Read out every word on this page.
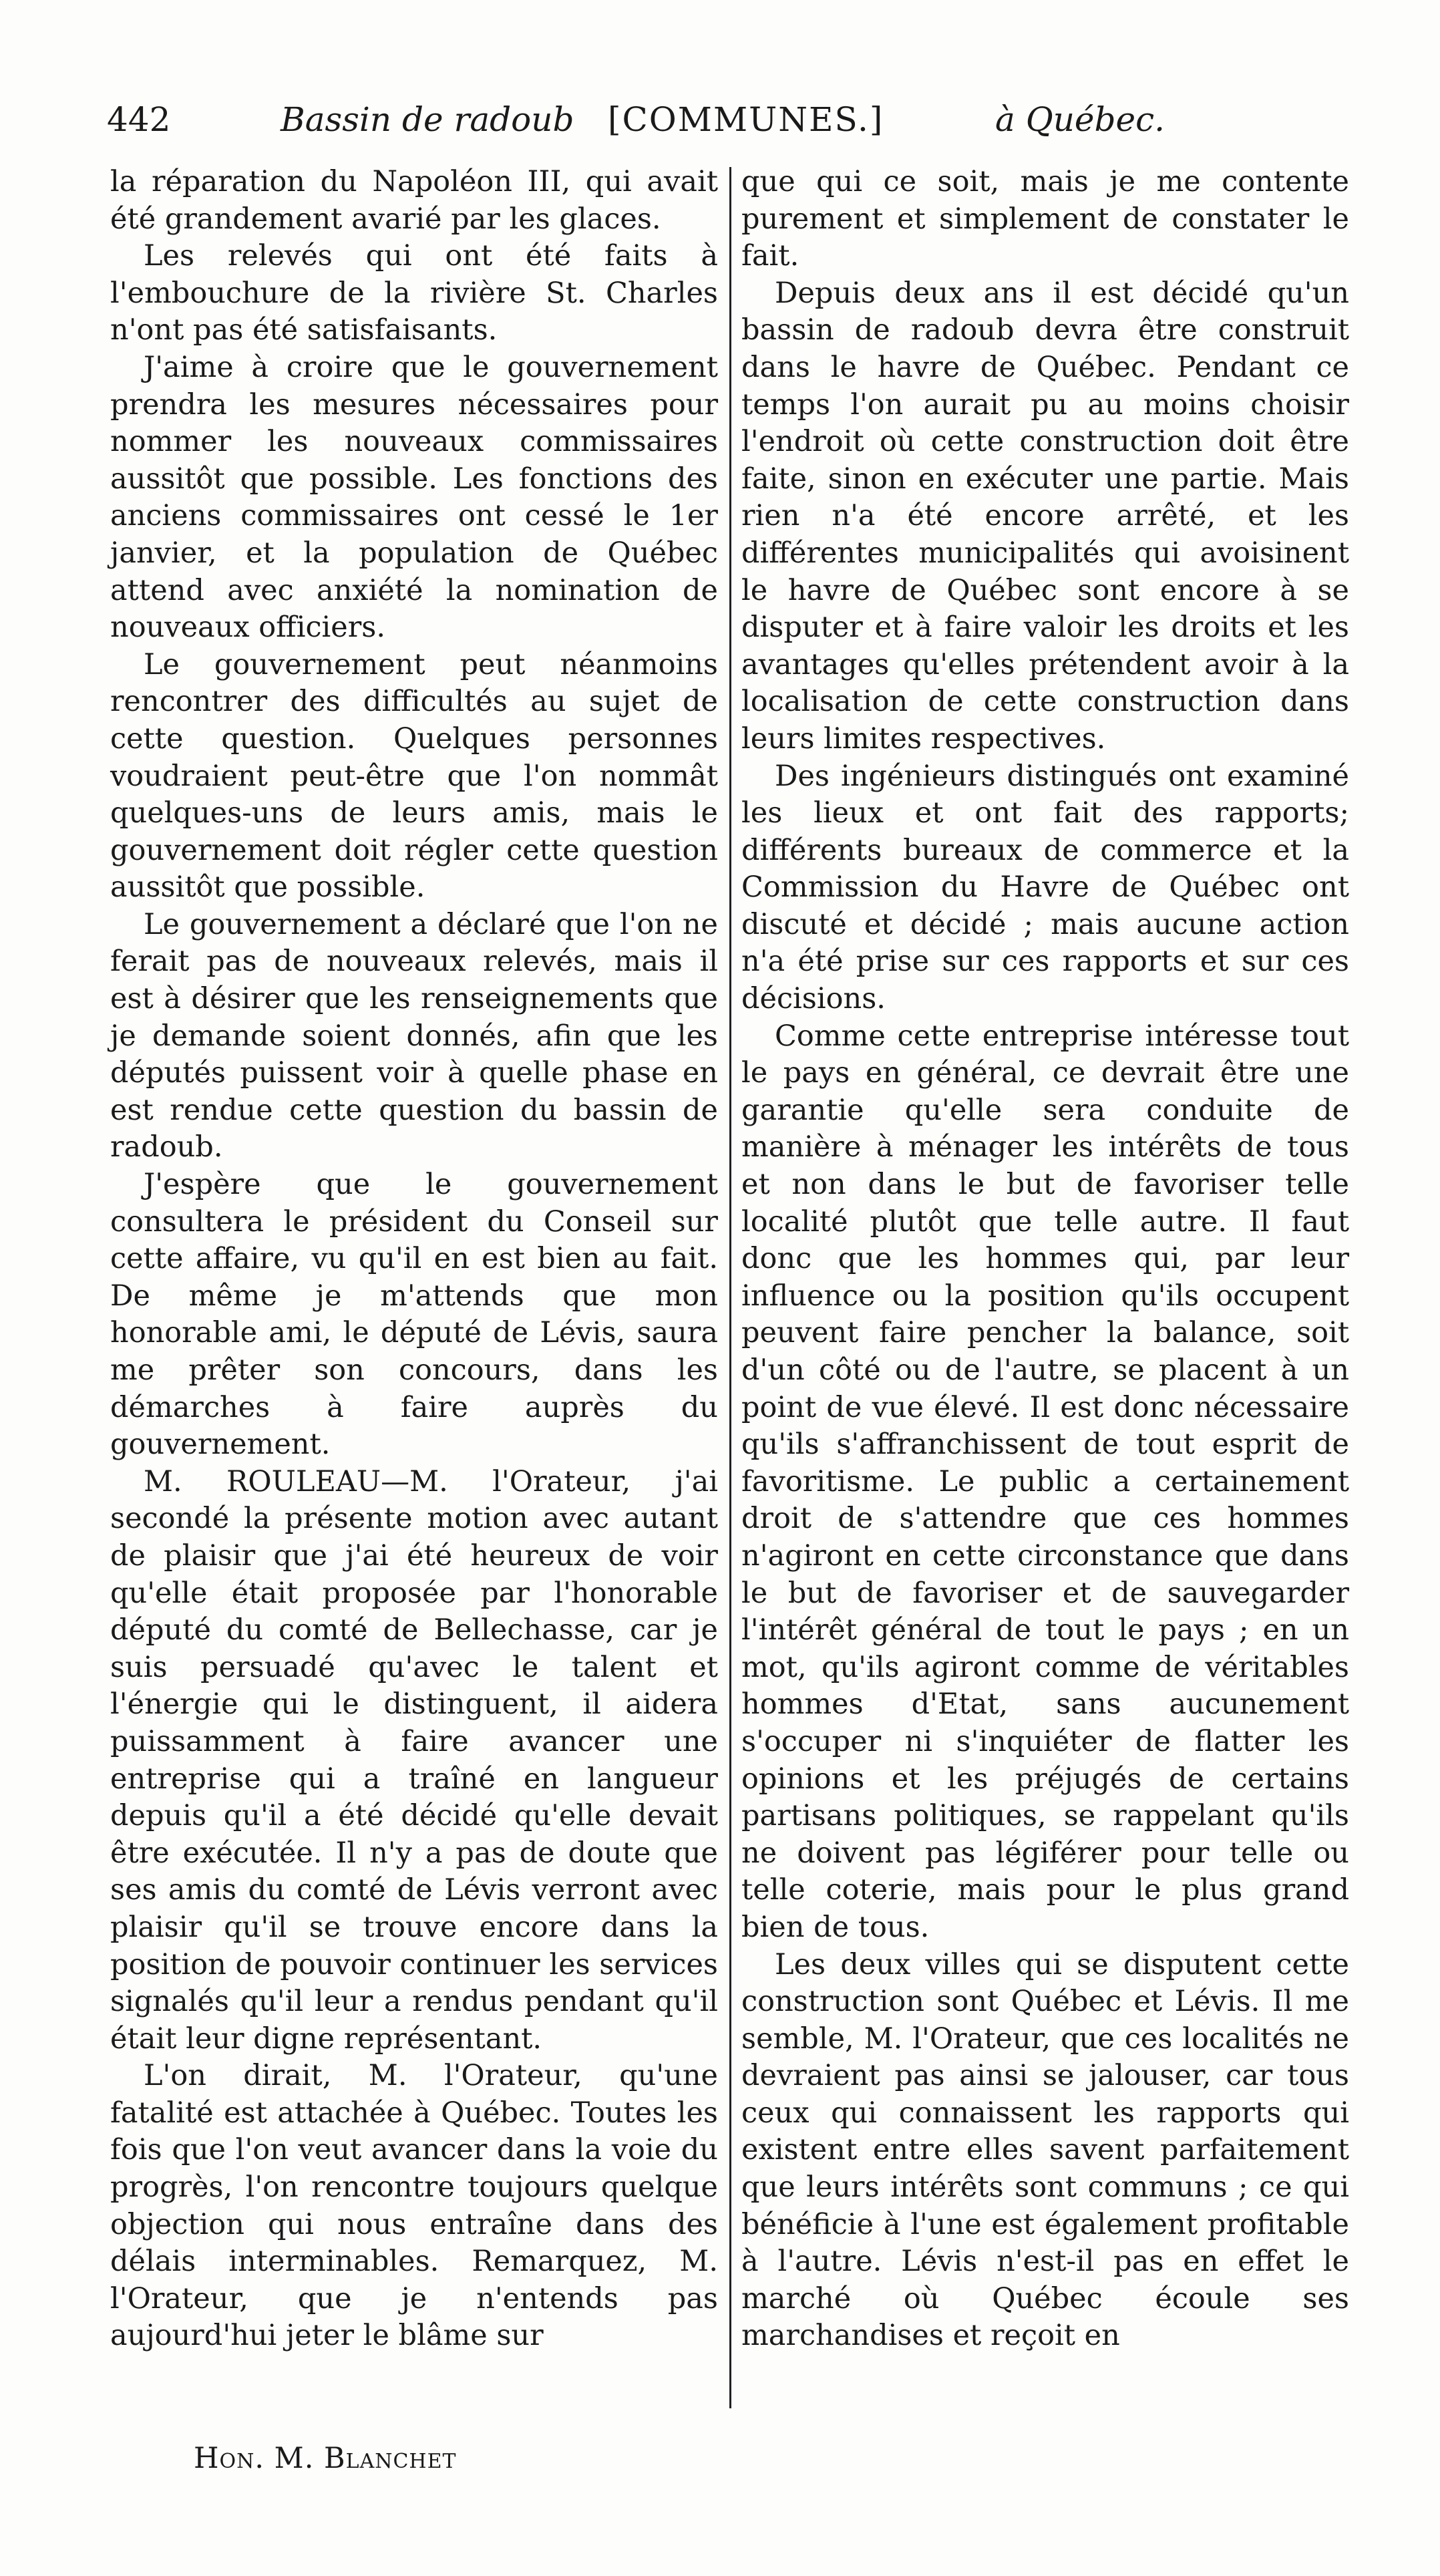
442	Bassin de radoub [COMMUNES.]	à Québec.

la réparation du Napoléon III, qui avait été grandement avarié par les glaces.

Les relevés qui ont été faits à l'embouchure de la rivière St. Charles n'ont pas été satisfaisants.

J'aime à croire que le gouvernement prendra les mesures nécessaires pour nommer les nouveaux commissaires aussitôt que possible. Les fonctions des anciens commissaires ont cessé le 1er janvier, et la population de Québec attend avec anxiété la nomination de nouveaux officiers.

Le gouvernement peut néanmoins rencontrer des difficultés au sujet de cette question. Quelques personnes voudraient peut-être que l'on nommât quelques-uns de leurs amis, mais le gouvernement doit régler cette question aussitôt que possible.

Le gouvernement a déclaré que l'on ne ferait pas de nouveaux relevés, mais il est à désirer que les renseignements que je demande soient donnés, afin que les députés puissent voir à quelle phase en est rendue cette question du bassin de radoub.

J'espère que le gouvernement consultera le président du Conseil sur cette affaire, vu qu'il en est bien au fait. De même je m'attends que mon honorable ami, le député de Lévis, saura me prêter son concours, dans les démarches à faire auprès du gouvernement.

M. ROULEAU—M. l'Orateur, j'ai secondé la présente motion avec autant de plaisir que j'ai été heureux de voir qu'elle était proposée par l'honorable député du comté de Bellechasse, car je suis persuadé qu'avec le talent et l'énergie qui le distinguent, il aidera puissamment à faire avancer une entreprise qui a traîné en langueur depuis qu'il a été décidé qu'elle devait être exécutée. Il n'y a pas de doute que ses amis du comté de Lévis verront avec plaisir qu'il se trouve encore dans la position de pouvoir continuer les services signalés qu'il leur a rendus pendant qu'il était leur digne représentant.

L'on dirait, M. l'Orateur, qu'une fatalité est attachée à Québec. Toutes les fois que l'on veut avancer dans la voie du progrès, l'on rencontre toujours quelque objection qui nous entraîne dans des délais interminables. Remarquez, M. l'Orateur, que je n'entends pas aujourd'hui jeter le blâme sur

que qui ce soit, mais je me contente purement et simplement de constater le fait.

Depuis deux ans il est décidé qu'un bassin de radoub devra être construit dans le havre de Québec. Pendant ce temps l'on aurait pu au moins choisir l'endroit où cette construction doit être faite, sinon en exécuter une partie. Mais rien n'a été encore arrêté, et les différentes municipalités qui avoisinent le havre de Québec sont encore à se disputer et à faire valoir les droits et les avantages qu'elles prétendent avoir à la localisation de cette construction dans leurs limites respectives.

Des ingénieurs distingués ont examiné les lieux et ont fait des rapports; différents bureaux de commerce et la Commission du Havre de Québec ont discuté et décidé ; mais aucune action n'a été prise sur ces rapports et sur ces décisions.

Comme cette entreprise intéresse tout le pays en général, ce devrait être une garantie qu'elle sera conduite de manière à ménager les intérêts de tous et non dans le but de favoriser telle localité plutôt que telle autre. Il faut donc que les hommes qui, par leur influence ou la position qu'ils occupent peuvent faire pencher la balance, soit d'un côté ou de l'autre, se placent à un point de vue élevé. Il est donc nécessaire qu'ils s'affranchissent de tout esprit de favoritisme. Le public a certainement droit de s'attendre que ces hommes n'agiront en cette circonstance que dans le but de favoriser et de sauvegarder l'intérêt général de tout le pays ; en un mot, qu'ils agiront comme de véritables hommes d'Etat, sans aucunement s'occuper ni s'inquiéter de flatter les opinions et les préjugés de certains partisans politiques, se rappelant qu'ils ne doivent pas légiférer pour telle ou telle coterie, mais pour le plus grand bien de tous.

Les deux villes qui se disputent cette construction sont Québec et Lévis. Il me semble, M. l'Orateur, que ces localités ne devraient pas ainsi se jalouser, car tous ceux qui connaissent les rapports qui existent entre elles savent parfaitement que leurs intérêts sont communs ; ce qui bénéficie à l'une est également profitable à l'autre. Lévis n'est-il pas en effet le marché où Québec écoule ses marchandises et reçoit en

Hon. M. Blanchet
